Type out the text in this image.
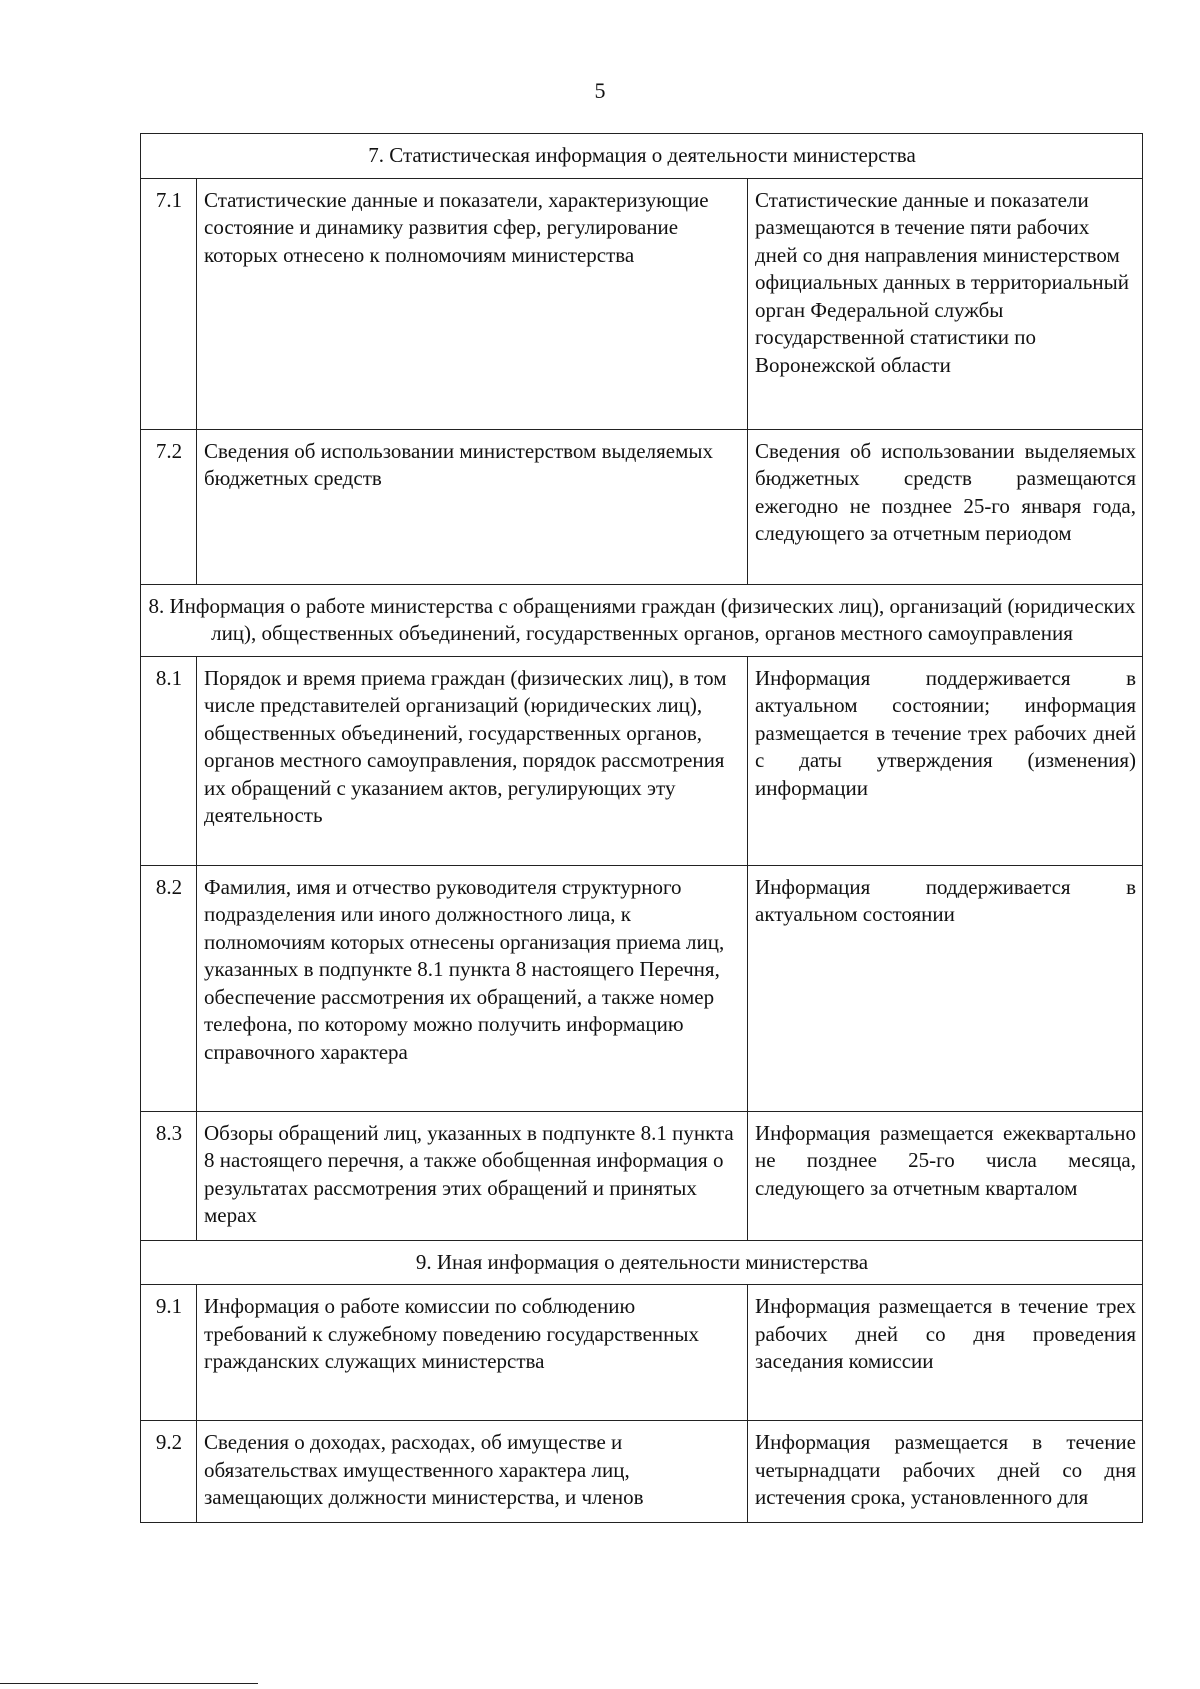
5
7. Статистическая информация о деятельности министерства		
7.1	Статистические данные и показатели, характеризующие состояние и динамику развития сфер, регулирование которых отнесено к полномочиям министерства	Статистические данные и показатели размещаются в течение пяти рабочих дней со дня направления министерством официальных данных в территориальный орган Федеральной службы государственной статистики по Воронежской области
7.2	Сведения об использовании министерством выделяемых бюджетных средств	Сведения об использовании выделяемых бюджетных средств размещаются ежегодно не позднее 25-го января года, следующего за отчетным периодом
8. Информация о работе министерства с обращениями граждан (физических лиц), организаций (юридических лиц), общественных объединений, государственных органов, органов местного самоуправления		
8.1	Порядок и время приема граждан (физических лиц), в том числе представителей организаций (юридических лиц), общественных объединений, государственных органов, органов местного самоуправления, порядок рассмотрения их обращений с указанием актов, регулирующих эту деятельность	Информация поддерживается в актуальном состоянии; информация размещается в течение трех рабочих дней с даты утверждения (изменения) информации
8.2	Фамилия, имя и отчество руководителя структурного подразделения или иного должностного лица, к полномочиям которых отнесены организация приема лиц, указанных в подпункте 8.1 пункта 8 настоящего Перечня, обеспечение рассмотрения их обращений, а также номер телефона, по которому можно получить информацию справочного характера	Информация поддерживается в актуальном состоянии
8.3	Обзоры обращений лиц, указанных в подпункте 8.1 пункта 8 настоящего перечня, а также обобщенная информация о результатах рассмотрения этих обращений и принятых мерах	Информация размещается ежеквартально не позднее 25-го числа месяца, следующего за отчетным кварталом
9. Иная информация о деятельности министерства		
9.1	Информация о работе комиссии по соблюдению требований к служебному поведению государственных гражданских служащих министерства	Информация размещается в течение трех рабочих дней со дня проведения заседания комиссии
9.2	Сведения о доходах, расходах, об имуществе и обязательствах имущественного характера лиц, замещающих должности министерства, и членов	Информация размещается в течение четырнадцати рабочих дней со дня истечения срока, установленного для
